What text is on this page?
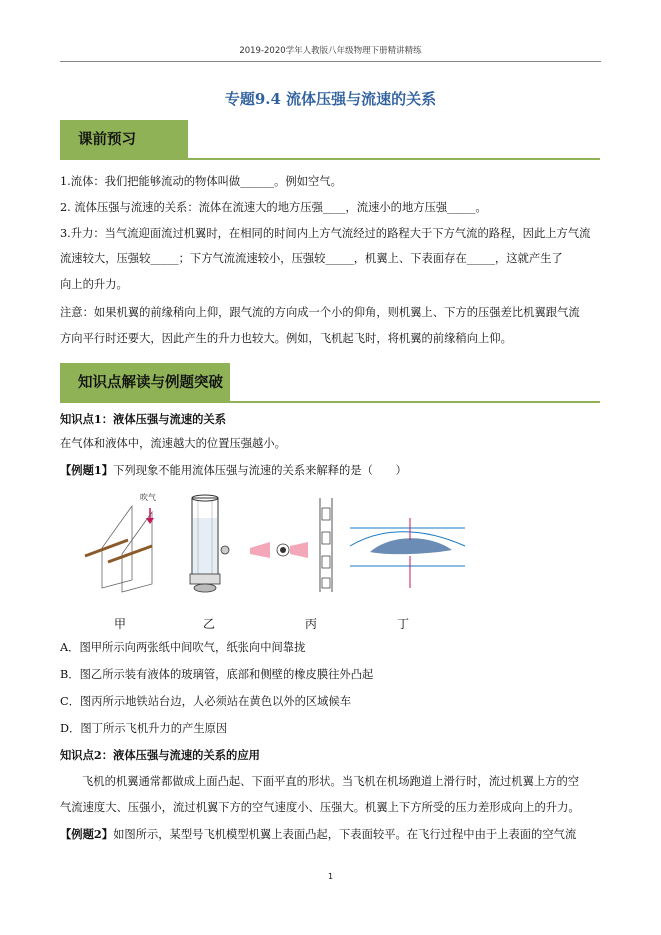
2019-2020学年人教版八年级物理下册精讲精练
专题9.4 流体压强与流速的关系
课前预习
1.流体：我们把能够流动的物体叫做______。例如空气。
2. 流体压强与流速的关系：流体在流速大的地方压强____，流速小的地方压强_____。
3.升力：当气流迎面流过机翼时，在相同的时间内上方气流经过的路程大于下方气流的路程，因此上方气流
流速较大，压强较_____；下方气流流速较小，压强较_____，机翼上、下表面存在_____，这就产生了
向上的升力。
注意：如果机翼的前缘稍向上仰，跟气流的方向成一个小的仰角，则机翼上、下方的压强差比机翼跟气流
方向平行时还要大，因此产生的升力也较大。例如，飞机起飞时，将机翼的前缘稍向上仰。
知识点解读与例题突破
知识点1：液体压强与流速的关系
在气体和液体中，流速越大的位置压强越小。
【例题1】下列现象不能用流体压强与流速的关系来解释的是（　　）
吹气
甲	乙	丙	丁
A．图甲所示向两张纸中间吹气，纸张向中间靠拢
B．图乙所示装有液体的玻璃管，底部和侧壁的橡皮膜往外凸起
C．图丙所示地铁站台边，人必须站在黄色以外的区域候车
D．图丁所示飞机升力的产生原因
知识点2：液体压强与流速的关系的应用
飞机的机翼通常都做成上面凸起、下面平直的形状。当飞机在机场跑道上滑行时，流过机翼上方的空
气流速度大、压强小，流过机翼下方的空气速度小、压强大。机翼上下方所受的压力差形成向上的升力。
【例题2】如图所示，某型号飞机模型机翼上表面凸起，下表面较平。在飞行过程中由于上表面的空气流
1
